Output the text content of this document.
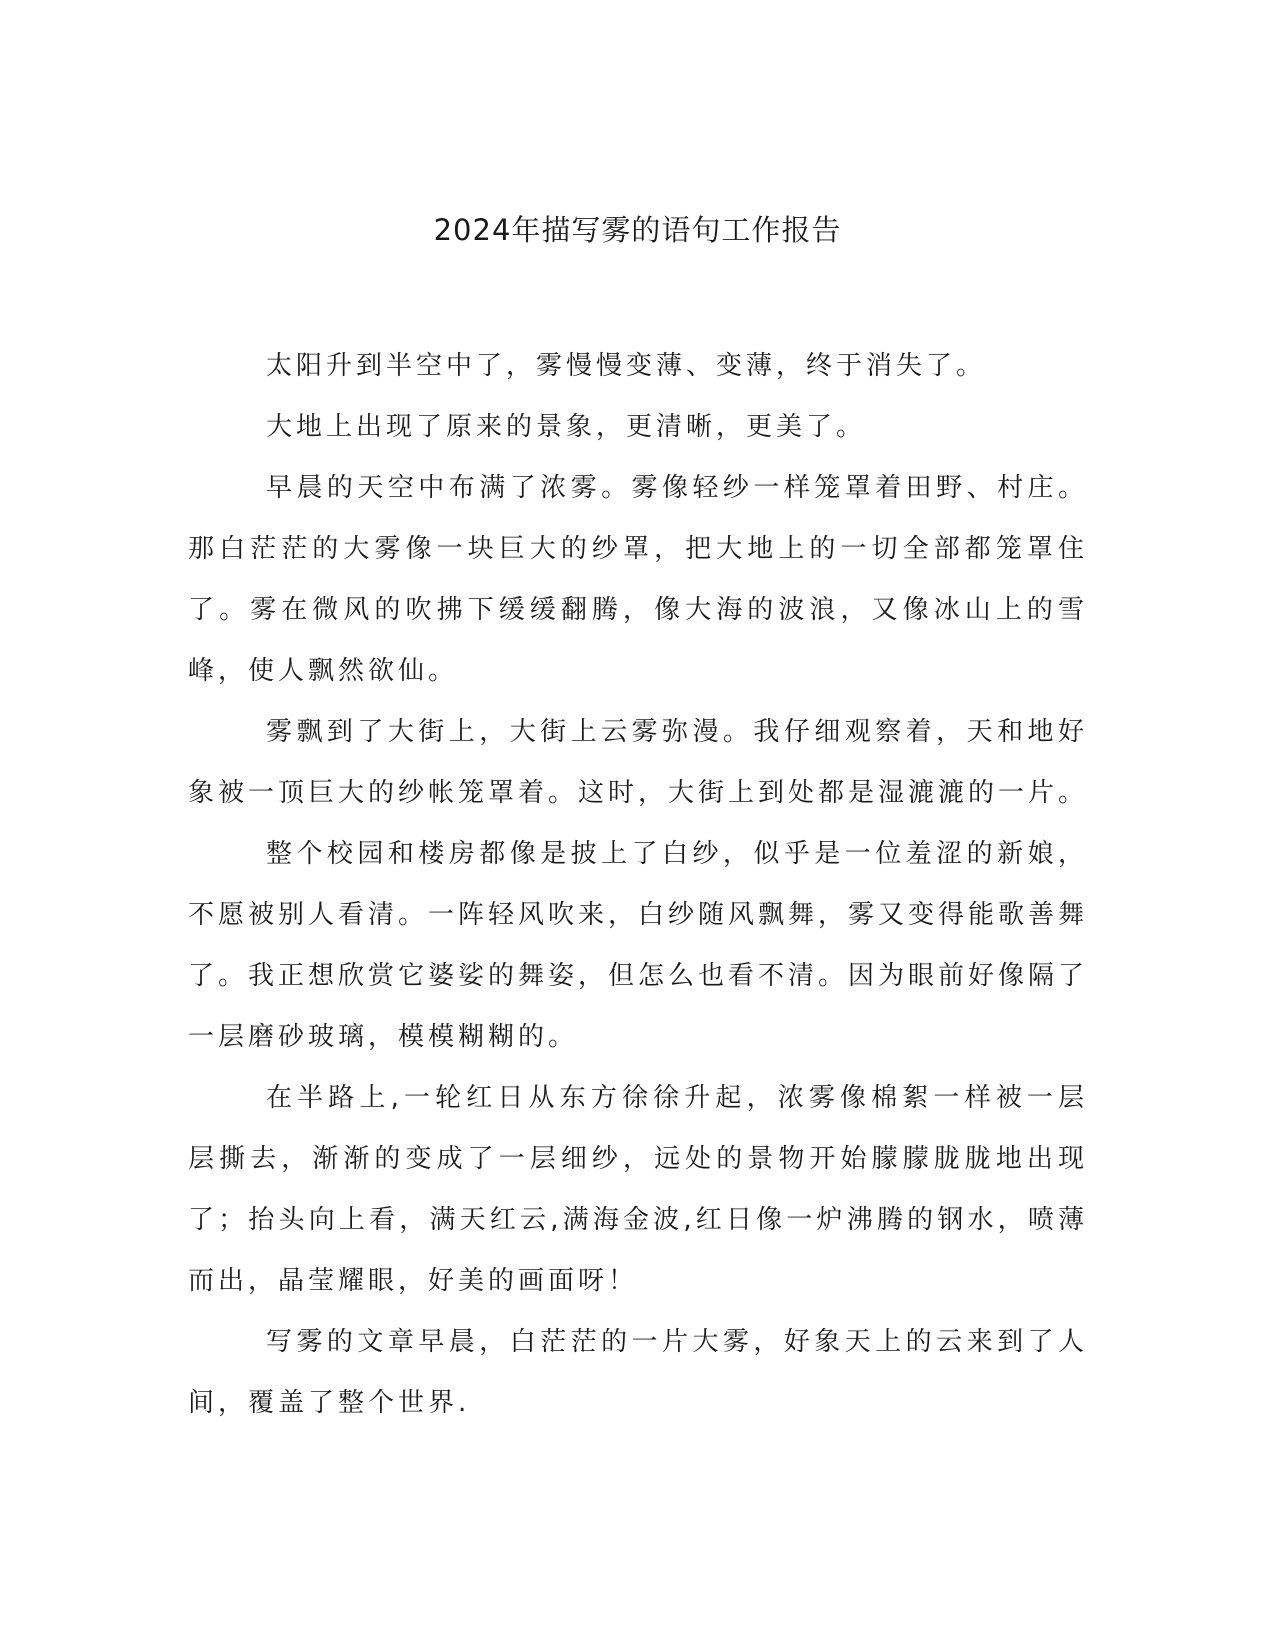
2024年描写雾的语句工作报告

太阳升到半空中了，雾慢慢变薄、变薄，终于消失了。

大地上出现了原来的景象，更清晰，更美了。

早晨的天空中布满了浓雾。雾像轻纱一样笼罩着田野、村庄。那白茫茫的大雾像一块巨大的纱罩，把大地上的一切全部都笼罩住了。雾在微风的吹拂下缓缓翻腾，像大海的波浪，又像冰山上的雪峰，使人飘然欲仙。

雾飘到了大街上，大街上云雾弥漫。我仔细观察着，天和地好象被一顶巨大的纱帐笼罩着。这时，大街上到处都是湿漉漉的一片。

整个校园和楼房都像是披上了白纱，似乎是一位羞涩的新娘，不愿被别人看清。一阵轻风吹来，白纱随风飘舞，雾又变得能歌善舞了。我正想欣赏它婆娑的舞姿，但怎么也看不清。因为眼前好像隔了一层磨砂玻璃，模模糊糊的。

在半路上,一轮红日从东方徐徐升起，浓雾像棉絮一样被一层层撕去，渐渐的变成了一层细纱，远处的景物开始朦朦胧胧地出现了；抬头向上看，满天红云,满海金波,红日像一炉沸腾的钢水，喷薄而出，晶莹耀眼，好美的画面呀！

写雾的文章早晨，白茫茫的一片大雾，好象天上的云来到了人间，覆盖了整个世界.
